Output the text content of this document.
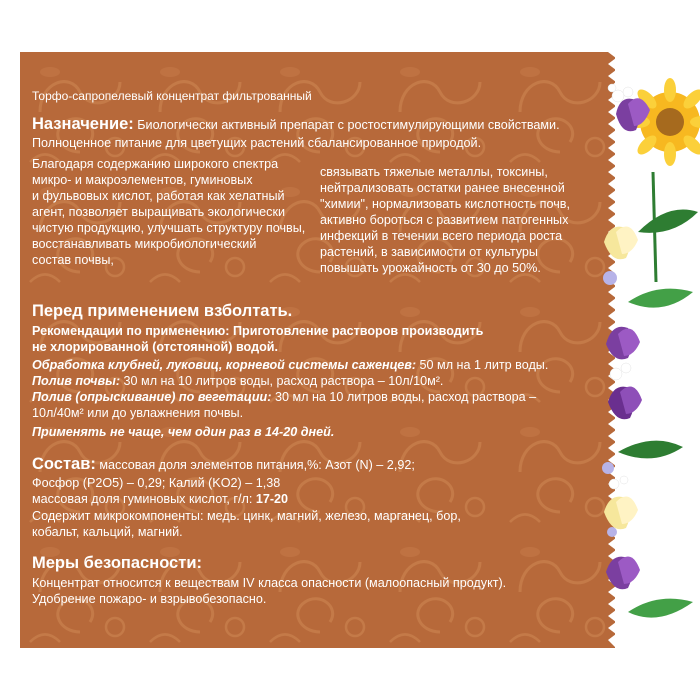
Торфо-сапропелевый концентрат фильтрованный
Назначение: Биологически активный препарат с ростостимулирующими свойствами.
Полноценное питание для цветущих растений сбалансированное природой.
Благодаря содержанию широкого спектра
микро- и макроэлементов, гуминовых
и фульвовых кислот, работая как хелатный
агент, позволяет выращивать экологически
чистую продукцию, улучшать структуру почвы,
восстанавливать микробиологический
состав почвы,
связывать тяжелые металлы, токсины,
нейтрализовать остатки ранее внесенной
"химии", нормализовать кислотность почв,
активно бороться с развитием патогенных
инфекций в течении всего периода роста
растений, в зависимости от культуры
повышать урожайность от 30 до 50%.
Перед применением взболтать.
Рекомендации по применению: Приготовление растворов производить
не хлорированной (отстоянной) водой.
Обработка клубней, луковиц, корневой системы саженцев: 50 мл на 1 литр воды.
Полив почвы: 30 мл на 10 литров воды, расход раствора – 10л/10м².
Полив (опрыскивание) по вегетации: 30 мл на 10 литров воды, расход раствора –
10л/40м² или до увлажнения почвы.
Применять не чаще, чем один раз в 14-20 дней.
Состав: массовая доля элементов питания,%: Азот (N) – 2,92;
Фосфор (P2O5) – 0,29; Калий (KO2) – 1,38
массовая доля гуминовых кислот, г/л: 17-20
Содержит микрокомпоненты: медь. цинк, магний, железо, марганец, бор,
кобальт, кальций, магний.
Меры безопасности:
Концентрат относится к веществам IV класса опасности (малоопасный продукт).
Удобрение пожаро- и взрывобезопасно.
